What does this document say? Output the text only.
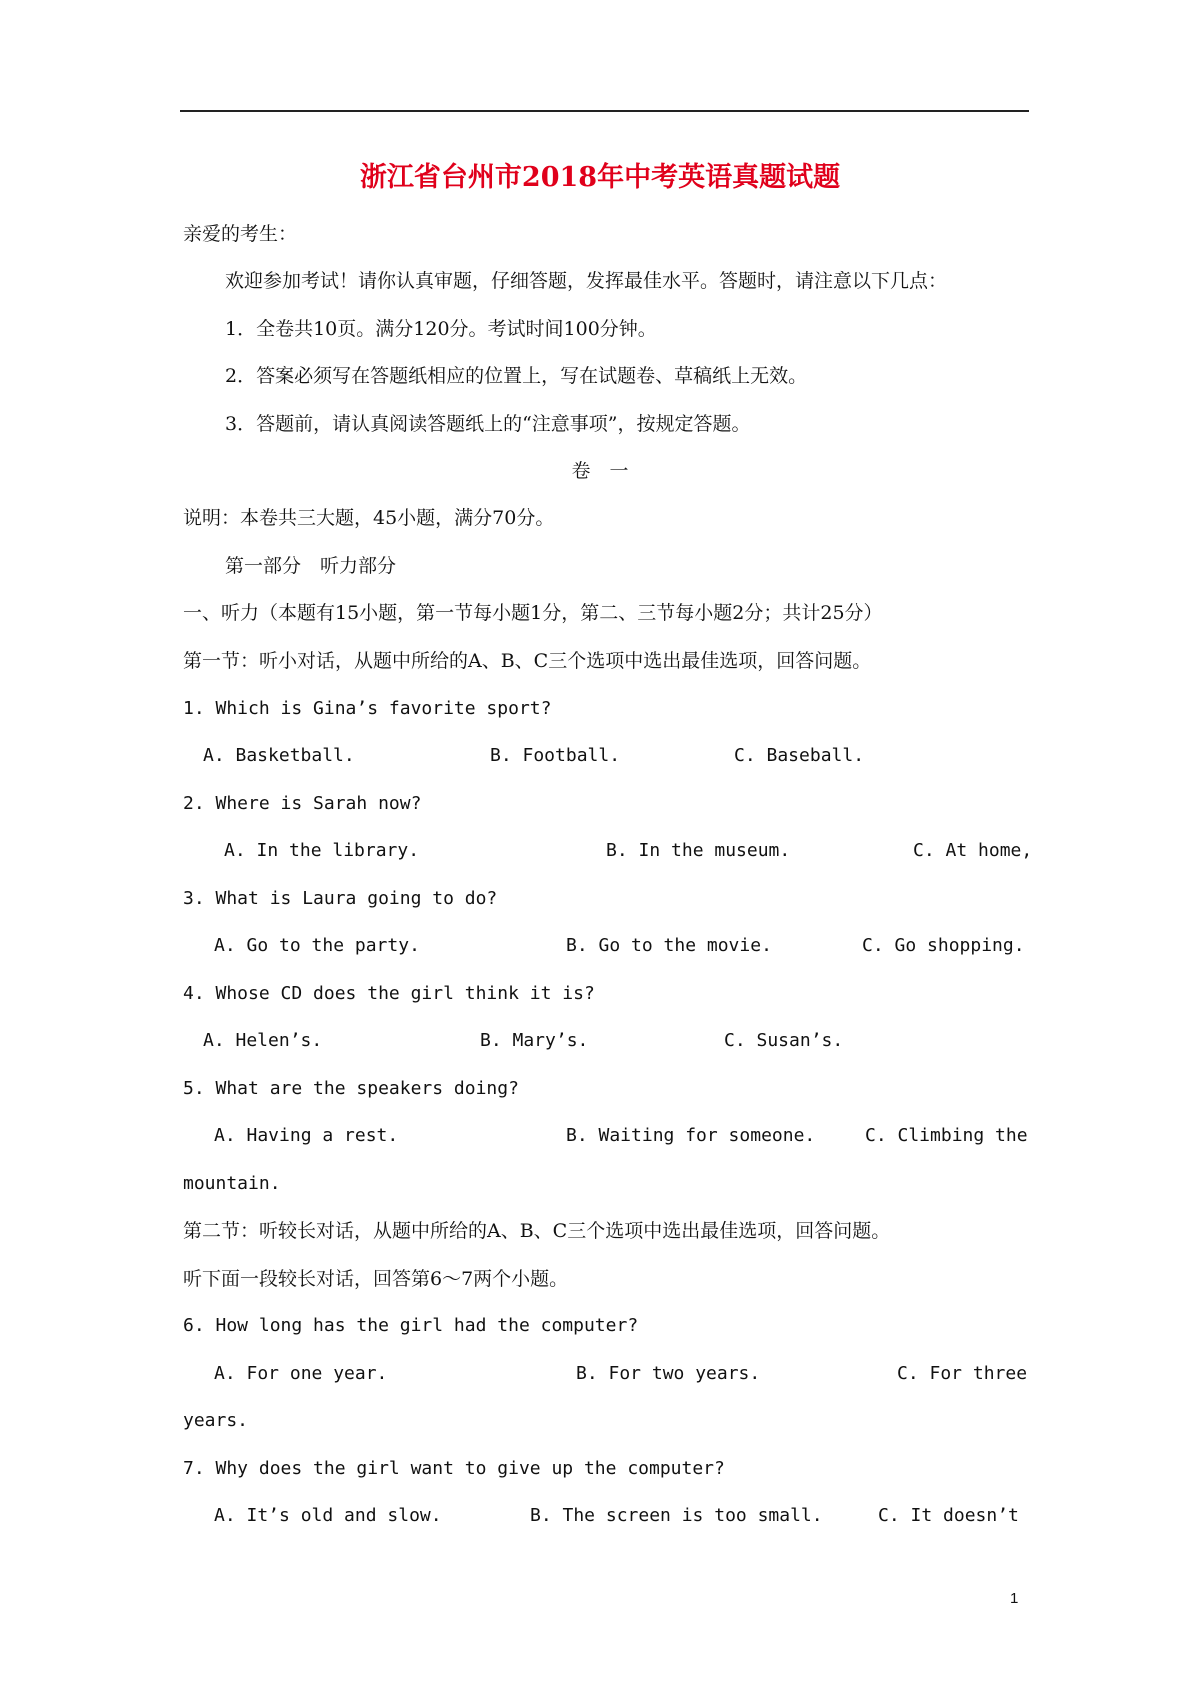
浙江省台州市2018年中考英语真题试题
亲爱的考生：
欢迎参加考试！请你认真审题，仔细答题，发挥最佳水平。答题时，请注意以下几点：
1．全卷共10页。满分120分。考试时间100分钟。
2．答案必须写在答题纸相应的位置上，写在试题卷、草稿纸上无效。
3．答题前，请认真阅读答题纸上的“注意事项”，按规定答题。
卷　一
说明：本卷共三大题，45小题，满分70分。
第一部分　听力部分
一、听力（本题有15小题，第一节每小题1分，第二、三节每小题2分；共计25分）
第一节：听小对话，从题中所给的A、B、C三个选项中选出最佳选项，回答问题。
1. Which is Gina’s favorite sport?
A. Basketball.	B. Football.	C. Baseball.
2. Where is Sarah now?
A. In the library.	B. In the museum.	C. At home,
3. What is Laura going to do?
A. Go to the party.	B. Go to the movie.	C. Go shopping.
4. Whose CD does the girl think it is?
A. Helen’s.	B. Mary’s.	C. Susan’s.
5. What are the speakers doing?
A. Having a rest.	B. Waiting for someone.	C. Climbing the
mountain.
第二节：听较长对话，从题中所给的A、B、C三个选项中选出最佳选项，回答问题。
听下面一段较长对话，回答第6～7两个小题。
6. How long has the girl had the computer?
A. For one year.	B. For two years.	C. For three
years.
7. Why does the girl want to give up the computer?
A. It’s old and slow.	B. The screen is too small.	C. It doesn’t
1
